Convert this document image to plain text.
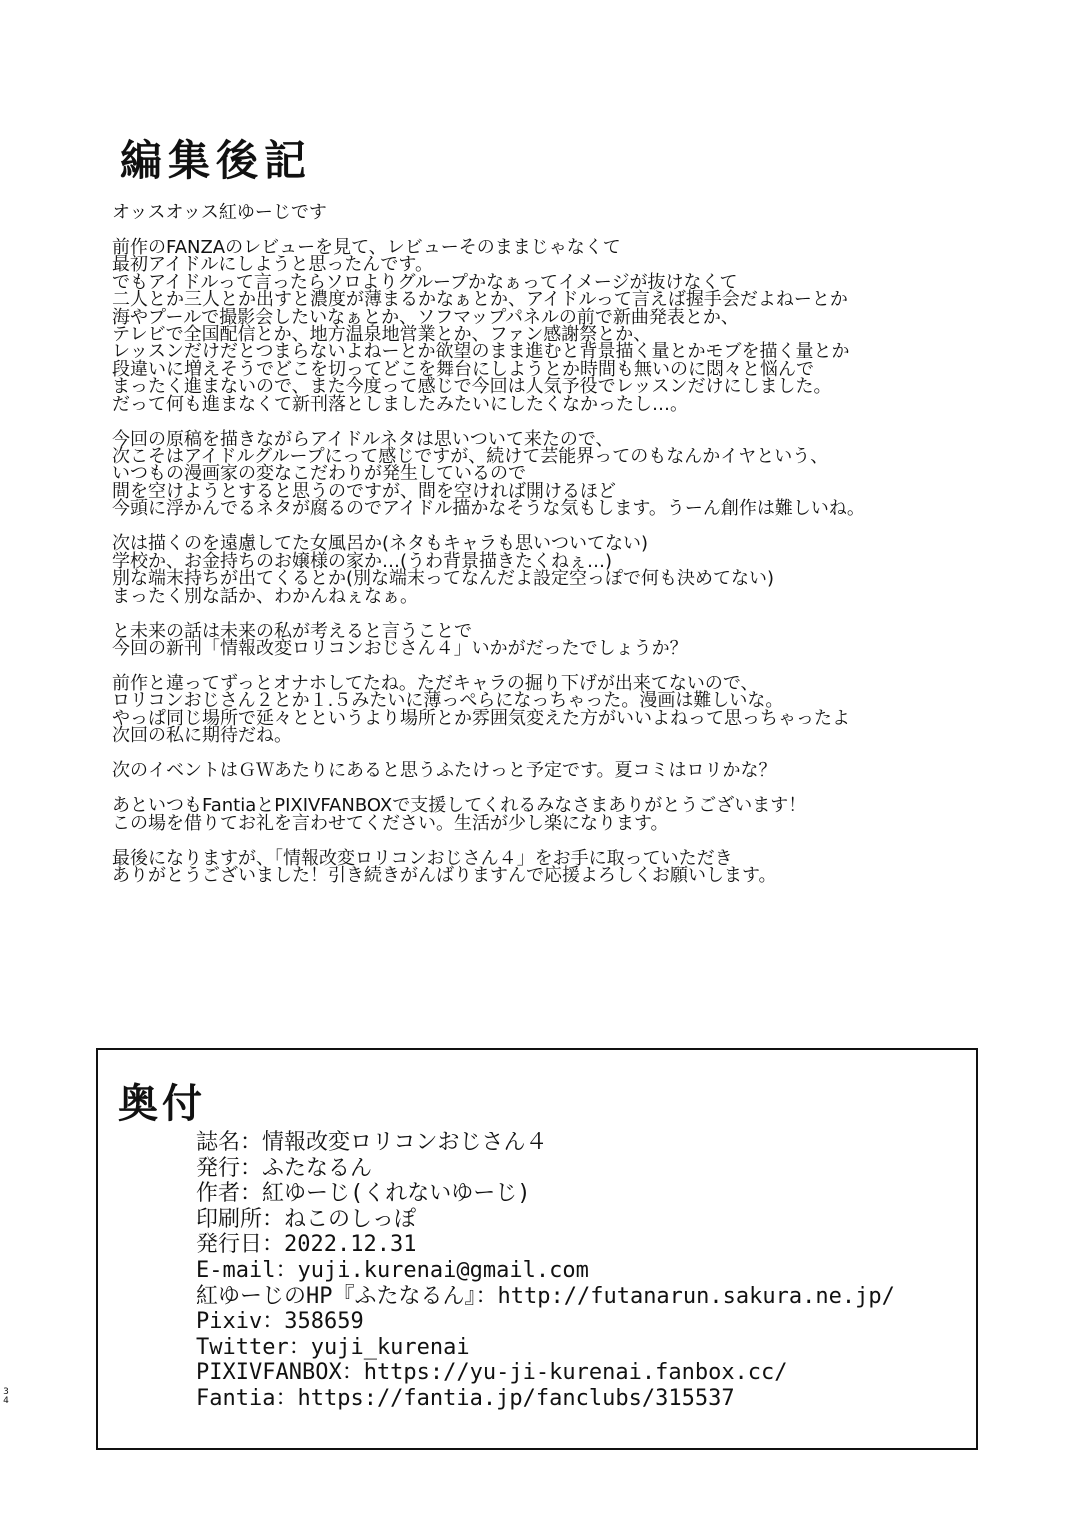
編集後記

オッスオッス紅ゆーじです

前作のFANZAのレビューを見て、レビューそのままじゃなくて
最初アイドルにしようと思ったんです。
でもアイドルって言ったらソロよりグループかなぁってイメージが抜けなくて
二人とか三人とか出すと濃度が薄まるかなぁとか、アイドルって言えば握手会だよねーとか
海やプールで撮影会したいなぁとか、ソフマップパネルの前で新曲発表とか、
テレビで全国配信とか、地方温泉地営業とか、ファン感謝祭とか、
レッスンだけだとつまらないよねーとか欲望のまま進むと背景描く量とかモブを描く量とか
段違いに増えそうでどこを切ってどこを舞台にしようとか時間も無いのに悶々と悩んで
まったく進まないので、また今度って感じで今回は人気予役でレッスンだけにしました。
だって何も進まなくて新刊落としましたみたいにしたくなかったし…。

今回の原稿を描きながらアイドルネタは思いついて来たので、
次こそはアイドルグループにって感じですが、続けて芸能界ってのもなんかイヤという、
いつもの漫画家の変なこだわりが発生しているので
間を空けようとすると思うのですが、間を空ければ開けるほど
今頭に浮かんでるネタが腐るのでアイドル描かなそうな気もします。うーん創作は難しいね。

次は描くのを遠慮してた女風呂か(ネタもキャラも思いついてない)
学校か、お金持ちのお嬢様の家か…(うわ背景描きたくねぇ…)
別な端末持ちが出てくるとか(別な端末ってなんだよ設定空っぽで何も決めてない)
まったく別な話か、わかんねぇなぁ。

と未来の話は未来の私が考えると言うことで
今回の新刊「情報改変ロリコンおじさん４」いかがだったでしょうか？

前作と違ってずっとオナホしてたね。ただキャラの掘り下げが出来てないので、
ロリコンおじさん２とか１.５みたいに薄っぺらになっちゃった。漫画は難しいな。
やっぱ同じ場所で延々とというより場所とか雰囲気変えた方がいいよねって思っちゃったよ
次回の私に期待だね。

次のイベントはＧＷあたりにあると思うふたけっと予定です。夏コミはロリかな？

あといつもFantiaとPIXIVFANBOXで支援してくれるみなさまありがとうございます！
この場を借りてお礼を言わせてください。生活が少し楽になります。

最後になりますが、「情報改変ロリコンおじさん４」をお手に取っていただき
ありがとうございました！引き続きがんばりますんで応援よろしくお願いします。

奥付
誌名：情報改変ロリコンおじさん４
発行：ふたなるん
作者：紅ゆーじ(くれないゆーじ)
印刷所：ねこのしっぽ
発行日：2022.12.31
E-mail：yuji.kurenai@gmail.com
紅ゆーじのHP『ふたなるん』：http://futanarun.sakura.ne.jp/
Pixiv：358659
Twitter：yuji_kurenai
PIXIVFANBOX：https://yu-ji-kurenai.fanbox.cc/
Fantia：https://fantia.jp/fanclubs/315537
3
4
